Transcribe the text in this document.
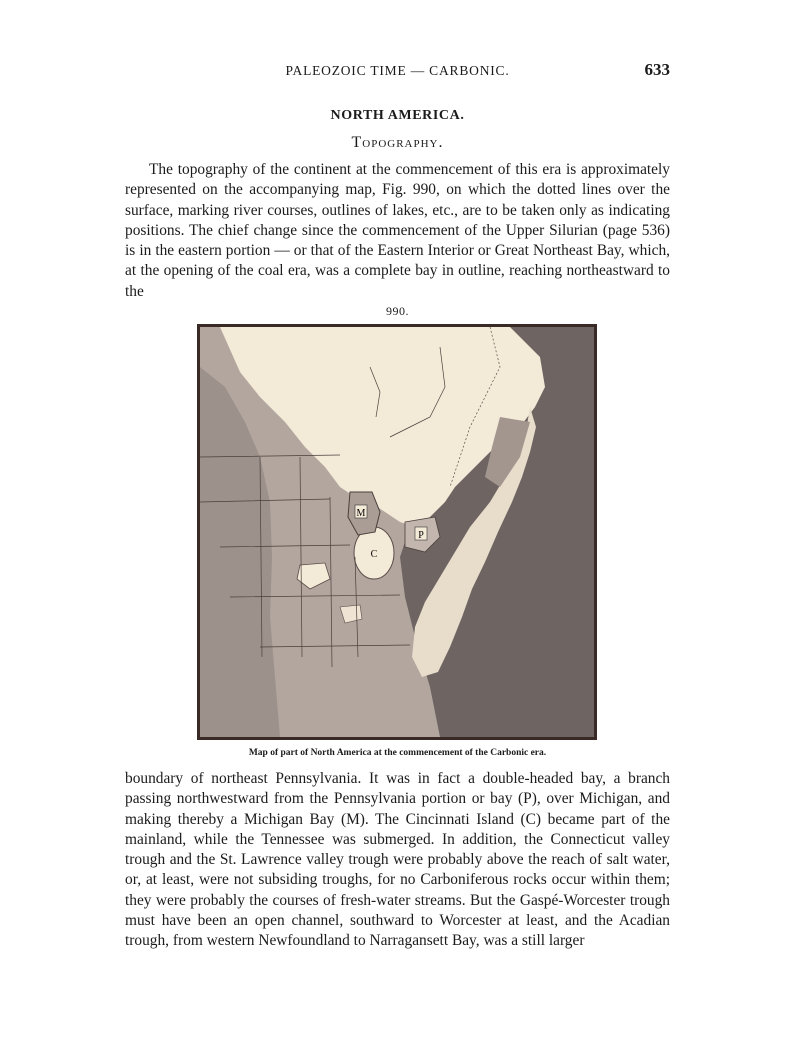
PALEOZOIC TIME — CARBONIC.	633
NORTH AMERICA.
Topography.

The topography of the continent at the commencement of this era is approximately represented on the accompanying map, Fig. 990, on which the dotted lines over the surface, marking river courses, outlines of lakes, etc., are to be taken only as indicating positions. The chief change since the commencement of the Upper Silurian (page 536) is in the eastern portion — or that of the Eastern Interior or Great Northeast Bay, which, at the opening of the coal era, was a complete bay in outline, reaching northeastward to the

990.
M
P
C
Map of part of North America at the commencement of the Carbonic era.

boundary of northeast Pennsylvania. It was in fact a double-headed bay, a branch passing northwestward from the Pennsylvania portion or bay (P), over Michigan, and making thereby a Michigan Bay (M). The Cincinnati Island (C) became part of the mainland, while the Tennessee was submerged. In addition, the Connecticut valley trough and the St. Lawrence valley trough were probably above the reach of salt water, or, at least, were not subsiding troughs, for no Carboniferous rocks occur within them; they were probably the courses of fresh-water streams. But the Gaspé-Worcester trough must have been an open channel, southward to Worcester at least, and the Acadian trough, from western Newfoundland to Narragansett Bay, was a still larger
